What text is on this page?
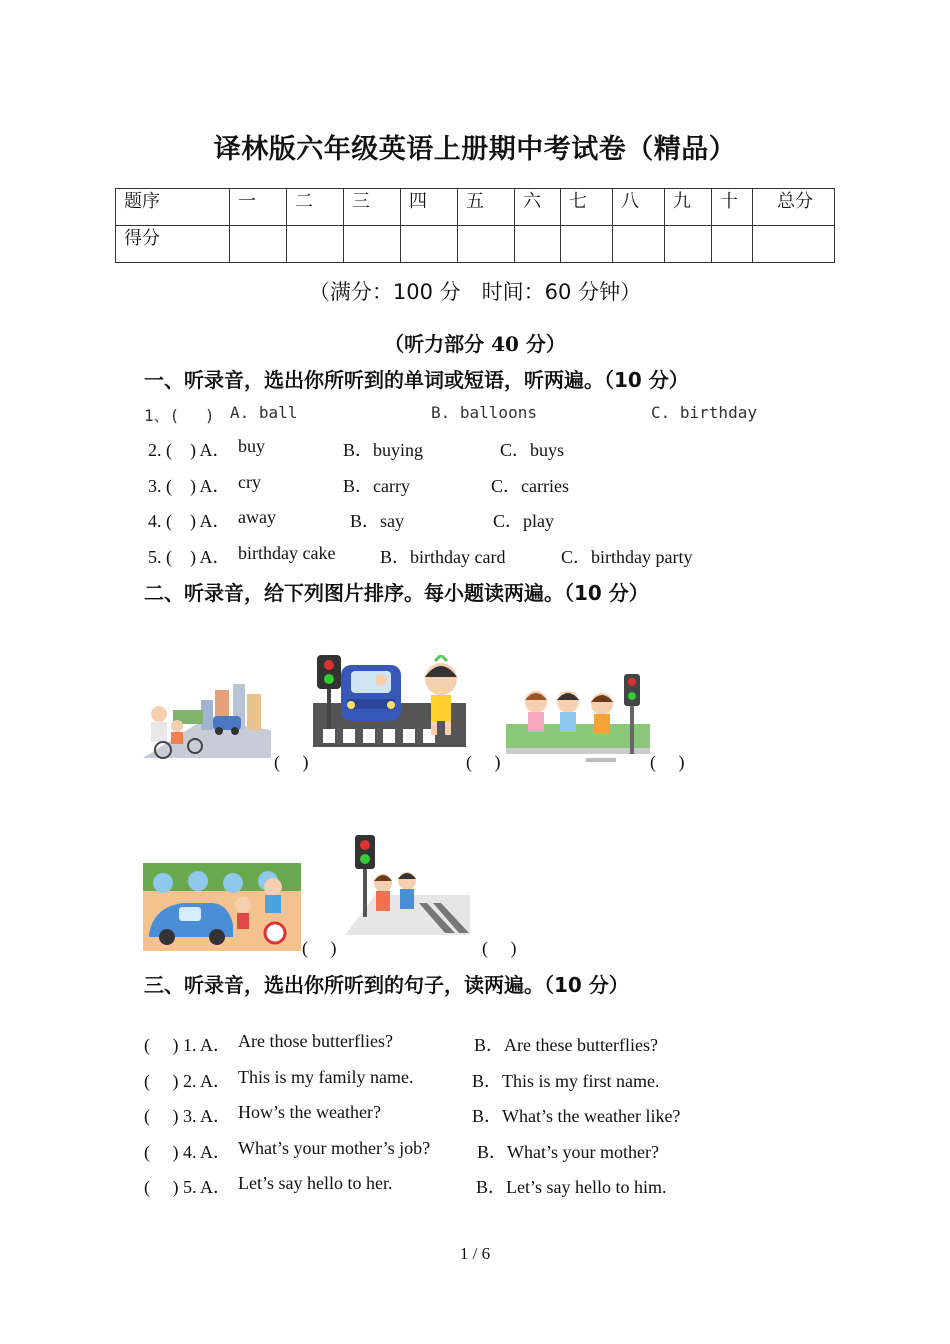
译林版六年级英语上册期中考试卷（精品）
题序	一	二	三	四	五	六	七	八	九	十	总分
得分											
（满分：100 分　时间：60 分钟）
（听力部分 40 分）
一、听录音，选出你所听到的单词或短语，听两遍。（10 分）
1、(　 ) A. ball	B. balloons	C. birthday
2. (　) A． buy	B．buying	C．buys
3. (　) A． cry	B．carry	C．carries
4. (　) A． away	B．say	C．play
5. (　) A． birthday cake B．birthday card	C．birthday party
二、听录音，给下列图片排序。每小题读两遍。（10 分）
(　 )	(　 )	(　 )
(　 )	(　 )
三、听录音，选出你所听到的句子，读两遍。（10 分）
(　 ) 1. A． Are those butterflies?	B．Are these butterflies?
(　 ) 2. A． This is my family name.	B．This is my first name.
(　 ) 3. A． How’s the weather?	B．What’s the weather like?
(　 ) 4. A． What’s your mother’s job?	B．What’s your mother?
(　 ) 5. A． Let’s say hello to her.	B．Let’s say hello to him.
1 / 6
